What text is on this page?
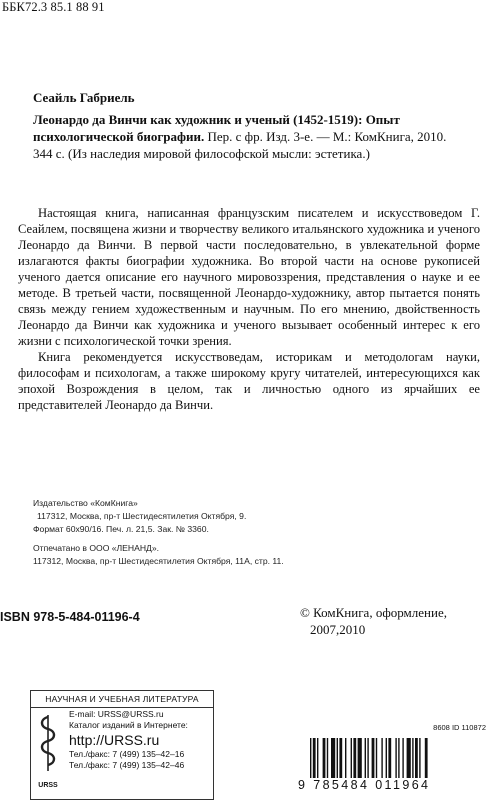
ББК72.3 85.1 88 91
Сеайль Габриель
Леонардо да Винчи как художник и ученый (1452-1519): Опыт психологической биографии. Пер. с фр. Изд. 3-е. — М.: КомКнига, 2010.
344 с. (Из наследия мировой философской мысли: эстетика.)

Настоящая книга, написанная французским писателем и искусствоведом Г. Сеайлем, посвящена жизни и творчеству великого итальянского художника и ученого Леонардо да Винчи. В первой части последовательно, в увлекательной форме излагаются факты биографии художника. Во второй части на основе рукописей ученого дается описание его научного мировоззрения, представления о науке и ее методе. В третьей части, посвященной Леонардо-художнику, автор пытается понять связь между гением художественным и научным. По его мнению, двойственность Леонардо да Винчи как художника и ученого вызывает особенный интерес к его жизни с психологической точки зрения.

Книга рекомендуется искусствоведам, историкам и методологам науки, философам и психологам, а также широкому кругу читателей, интересующихся как эпохой Возрождения в целом, так и личностью одного из ярчайших ее представителей Леонардо да Винчи.

Издательство «КомКнига»
117312, Москва, пр-т Шестидесятилетия Октября, 9.
Формат 60х90/16. Печ. л. 21,5. Зак. № 3360.
Отпечатано в ООО «ЛЕНАНД».
117312, Москва, пр-т Шестидесятилетия Октября, 11А, стр. 11.
ISBN 978-5-484-01196-4	© КомКнига, оформление,
2007,2010
НАУЧНАЯ И УЧЕБНАЯ ЛИТЕРАТУРА
URSS
E-mail: URSS@URSS.ru
Каталог изданий в Интернете:
http://URSS.ru
Тел./факс: 7 (499) 135–42–16
Тел./факс: 7 (499) 135–42–46
8608 ID 110872
9 785484 011964
